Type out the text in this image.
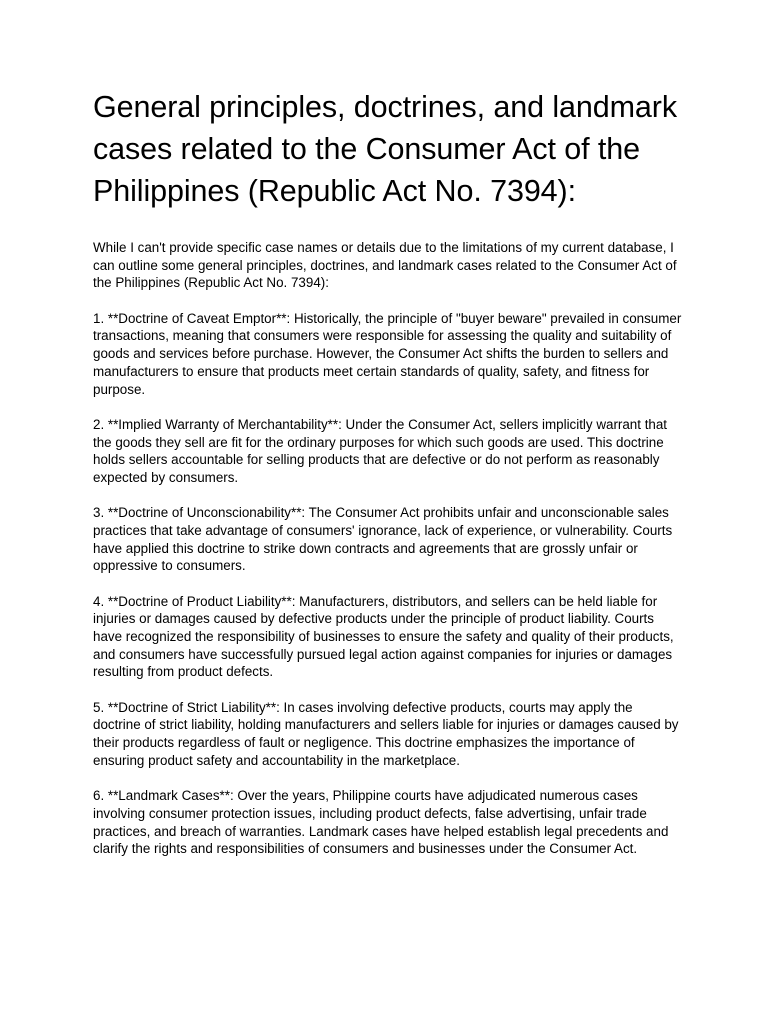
General principles, doctrines, and landmark cases related to the Consumer Act of the Philippines (Republic Act No. 7394):

While I can't provide specific case names or details due to the limitations of my current database, I can outline some general principles, doctrines, and landmark cases related to the Consumer Act of the Philippines (Republic Act No. 7394):

1. **Doctrine of Caveat Emptor**: Historically, the principle of "buyer beware" prevailed in consumer transactions, meaning that consumers were responsible for assessing the quality and suitability of goods and services before purchase. However, the Consumer Act shifts the burden to sellers and manufacturers to ensure that products meet certain standards of quality, safety, and fitness for purpose.

2. **Implied Warranty of Merchantability**: Under the Consumer Act, sellers implicitly warrant that the goods they sell are fit for the ordinary purposes for which such goods are used. This doctrine holds sellers accountable for selling products that are defective or do not perform as reasonably expected by consumers.

3. **Doctrine of Unconscionability**: The Consumer Act prohibits unfair and unconscionable sales practices that take advantage of consumers' ignorance, lack of experience, or vulnerability. Courts have applied this doctrine to strike down contracts and agreements that are grossly unfair or oppressive to consumers.

4. **Doctrine of Product Liability**: Manufacturers, distributors, and sellers can be held liable for injuries or damages caused by defective products under the principle of product liability. Courts have recognized the responsibility of businesses to ensure the safety and quality of their products, and consumers have successfully pursued legal action against companies for injuries or damages resulting from product defects.

5. **Doctrine of Strict Liability**: In cases involving defective products, courts may apply the doctrine of strict liability, holding manufacturers and sellers liable for injuries or damages caused by their products regardless of fault or negligence. This doctrine emphasizes the importance of ensuring product safety and accountability in the marketplace.

6. **Landmark Cases**: Over the years, Philippine courts have adjudicated numerous cases involving consumer protection issues, including product defects, false advertising, unfair trade practices, and breach of warranties. Landmark cases have helped establish legal precedents and clarify the rights and responsibilities of consumers and businesses under the Consumer Act.
